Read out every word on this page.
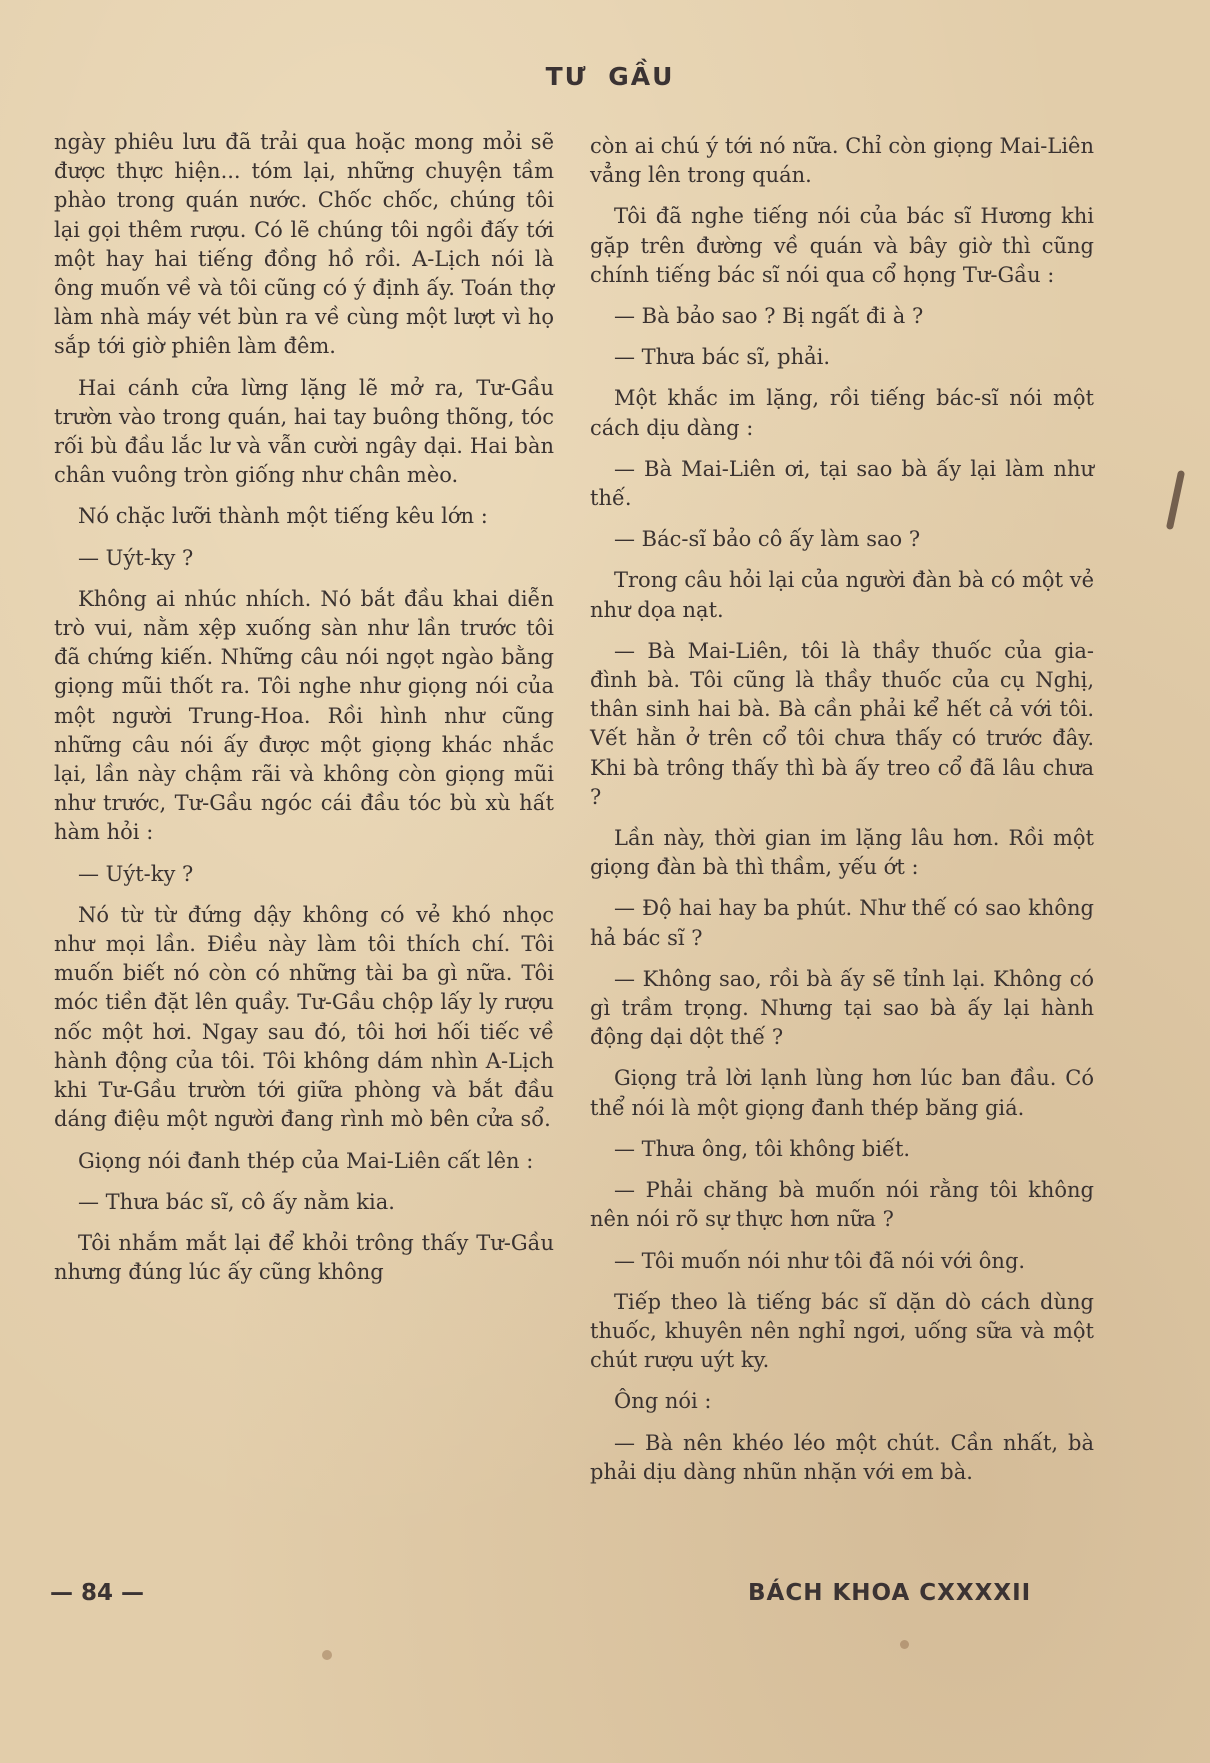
TƯ GẦU

ngày phiêu lưu đã trải qua hoặc mong mỏi sẽ được thực hiện... tóm lại, những chuyện tầm phào trong quán nước. Chốc chốc, chúng tôi lại gọi thêm rượu. Có lẽ chúng tôi ngồi đấy tới một hay hai tiếng đồng hồ rồi. A-Lịch nói là ông muốn về và tôi cũng có ý định ấy. Toán thợ làm nhà máy vét bùn ra về cùng một lượt vì họ sắp tới giờ phiên làm đêm.

Hai cánh cửa lừng lặng lẽ mở ra, Tư-Gầu trườn vào trong quán, hai tay buông thõng, tóc rối bù đầu lắc lư và vẫn cười ngây dại. Hai bàn chân vuông tròn giống như chân mèo.

Nó chặc lưỡi thành một tiếng kêu lớn :

— Uýt-ky ?

Không ai nhúc nhích. Nó bắt đầu khai diễn trò vui, nằm xệp xuống sàn như lần trước tôi đã chứng kiến. Những câu nói ngọt ngào bằng giọng mũi thốt ra. Tôi nghe như giọng nói của một người Trung-Hoa. Rồi hình như cũng những câu nói ấy được một giọng khác nhắc lại, lần này chậm rãi và không còn giọng mũi như trước, Tư-Gầu ngóc cái đầu tóc bù xù hất hàm hỏi :

— Uýt-ky ?

Nó từ từ đứng dậy không có vẻ khó nhọc như mọi lần. Điều này làm tôi thích chí. Tôi muốn biết nó còn có những tài ba gì nữa. Tôi móc tiền đặt lên quầy. Tư-Gầu chộp lấy ly rượu nốc một hơi. Ngay sau đó, tôi hơi hối tiếc về hành động của tôi. Tôi không dám nhìn A-Lịch khi Tư-Gầu trườn tới giữa phòng và bắt đầu dáng điệu một người đang rình mò bên cửa sổ.

Giọng nói đanh thép của Mai-Liên cất lên :

— Thưa bác sĩ, cô ấy nằm kia.

Tôi nhắm mắt lại để khỏi trông thấy Tư-Gầu nhưng đúng lúc ấy cũng không

còn ai chú ý tới nó nữa. Chỉ còn giọng Mai-Liên vẳng lên trong quán.

Tôi đã nghe tiếng nói của bác sĩ Hương khi gặp trên đường về quán và bây giờ thì cũng chính tiếng bác sĩ nói qua cổ họng Tư-Gầu :

— Bà bảo sao ? Bị ngất đi à ?

— Thưa bác sĩ, phải.

Một khắc im lặng, rồi tiếng bác-sĩ nói một cách dịu dàng :

— Bà Mai-Liên ơi, tại sao bà ấy lại làm như thế.

— Bác-sĩ bảo cô ấy làm sao ?

Trong câu hỏi lại của người đàn bà có một vẻ như dọa nạt.

— Bà Mai-Liên, tôi là thầy thuốc của gia-đình bà. Tôi cũng là thầy thuốc của cụ Nghị, thân sinh hai bà. Bà cần phải kể hết cả với tôi. Vết hằn ở trên cổ tôi chưa thấy có trước đây. Khi bà trông thấy thì bà ấy treo cổ đã lâu chưa ?

Lần này, thời gian im lặng lâu hơn. Rồi một giọng đàn bà thì thầm, yếu ớt :

— Độ hai hay ba phút. Như thế có sao không hả bác sĩ ?

— Không sao, rồi bà ấy sẽ tỉnh lại. Không có gì trầm trọng. Nhưng tại sao bà ấy lại hành động dại dột thế ?

Giọng trả lời lạnh lùng hơn lúc ban đầu. Có thể nói là một giọng đanh thép băng giá.

— Thưa ông, tôi không biết.

— Phải chăng bà muốn nói rằng tôi không nên nói rõ sự thực hơn nữa ?

— Tôi muốn nói như tôi đã nói với ông.

Tiếp theo là tiếng bác sĩ dặn dò cách dùng thuốc, khuyên nên nghỉ ngơi, uống sữa và một chút rượu uýt ky.

Ông nói :

— Bà nên khéo léo một chút. Cần nhất, bà phải dịu dàng nhũn nhặn với em bà.

— 84 —	BÁCH KHOA CXXXXII
